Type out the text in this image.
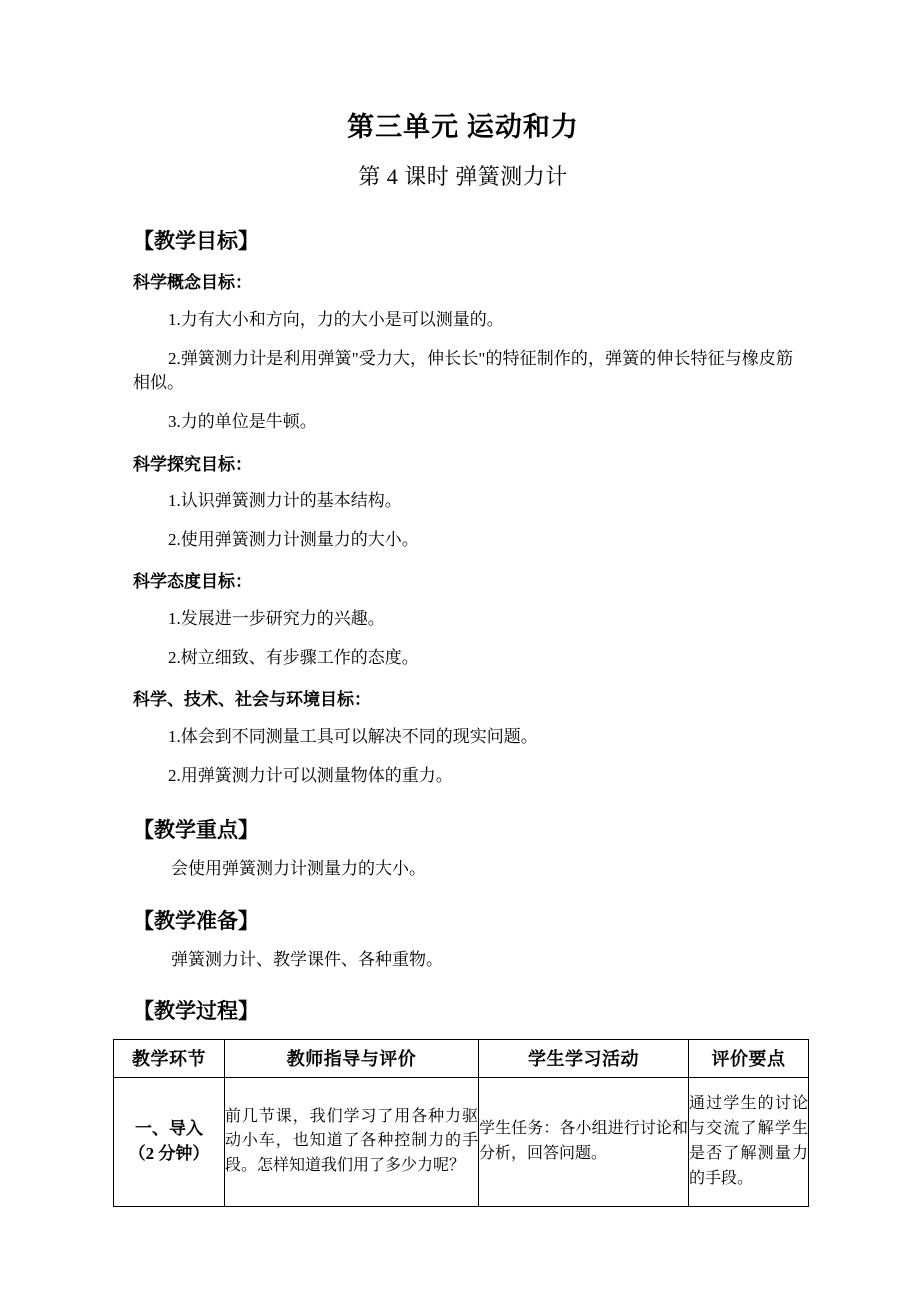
第三单元 运动和力
第 4 课时 弹簧测力计
【教学目标】
科学概念目标：

1.力有大小和方向，力的大小是可以测量的。

2.弹簧测力计是利用弹簧"受力大，伸长长"的特征制作的，弹簧的伸长特征与橡皮筋相似。

3.力的单位是牛顿。

科学探究目标：

1.认识弹簧测力计的基本结构。

2.使用弹簧测力计测量力的大小。

科学态度目标：

1.发展进一步研究力的兴趣。

2.树立细致、有步骤工作的态度。

科学、技术、社会与环境目标：

1.体会到不同测量工具可以解决不同的现实问题。

2.用弹簧测力计可以测量物体的重力。

【教学重点】

会使用弹簧测力计测量力的大小。

【教学准备】

弹簧测力计、教学课件、各种重物。

【教学过程】
教学环节	教师指导与评价	学生学习活动	评价要点

一、导入
（2 分钟）	前几节课，我们学习了用各种力驱动小车，也知道了各种控制力的手段。怎样知道我们用了多少力呢？	学生任务：各小组进行讨论和分析，回答问题。	通过学生的讨论与交流了解学生是否了解测量力的手段。
